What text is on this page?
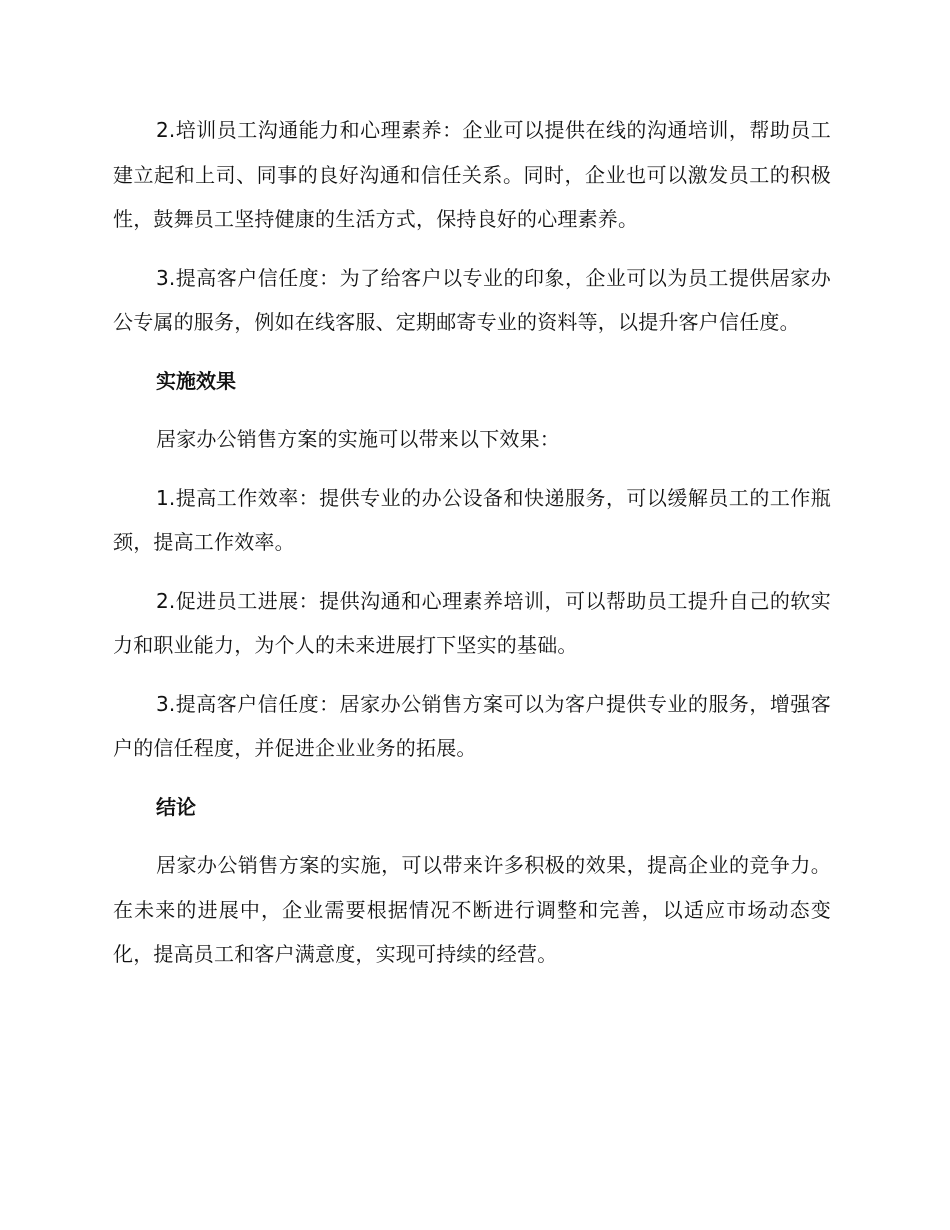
2.培训员工沟通能力和心理素养：企业可以提供在线的沟通培训，帮助员工建立起和上司、同事的良好沟通和信任关系。同时，企业也可以激发员工的积极性，鼓舞员工坚持健康的生活方式，保持良好的心理素养。

3.提高客户信任度：为了给客户以专业的印象，企业可以为员工提供居家办公专属的服务，例如在线客服、定期邮寄专业的资料等，以提升客户信任度。

实施效果

居家办公销售方案的实施可以带来以下效果：

1.提高工作效率：提供专业的办公设备和快递服务，可以缓解员工的工作瓶颈，提高工作效率。

2.促进员工进展：提供沟通和心理素养培训，可以帮助员工提升自己的软实力和职业能力，为个人的未来进展打下坚实的基础。

3.提高客户信任度：居家办公销售方案可以为客户提供专业的服务，增强客户的信任程度，并促进企业业务的拓展。

结论

居家办公销售方案的实施，可以带来许多积极的效果，提高企业的竞争力。在未来的进展中，企业需要根据情况不断进行调整和完善，以适应市场动态变化，提高员工和客户满意度，实现可持续的经营。
